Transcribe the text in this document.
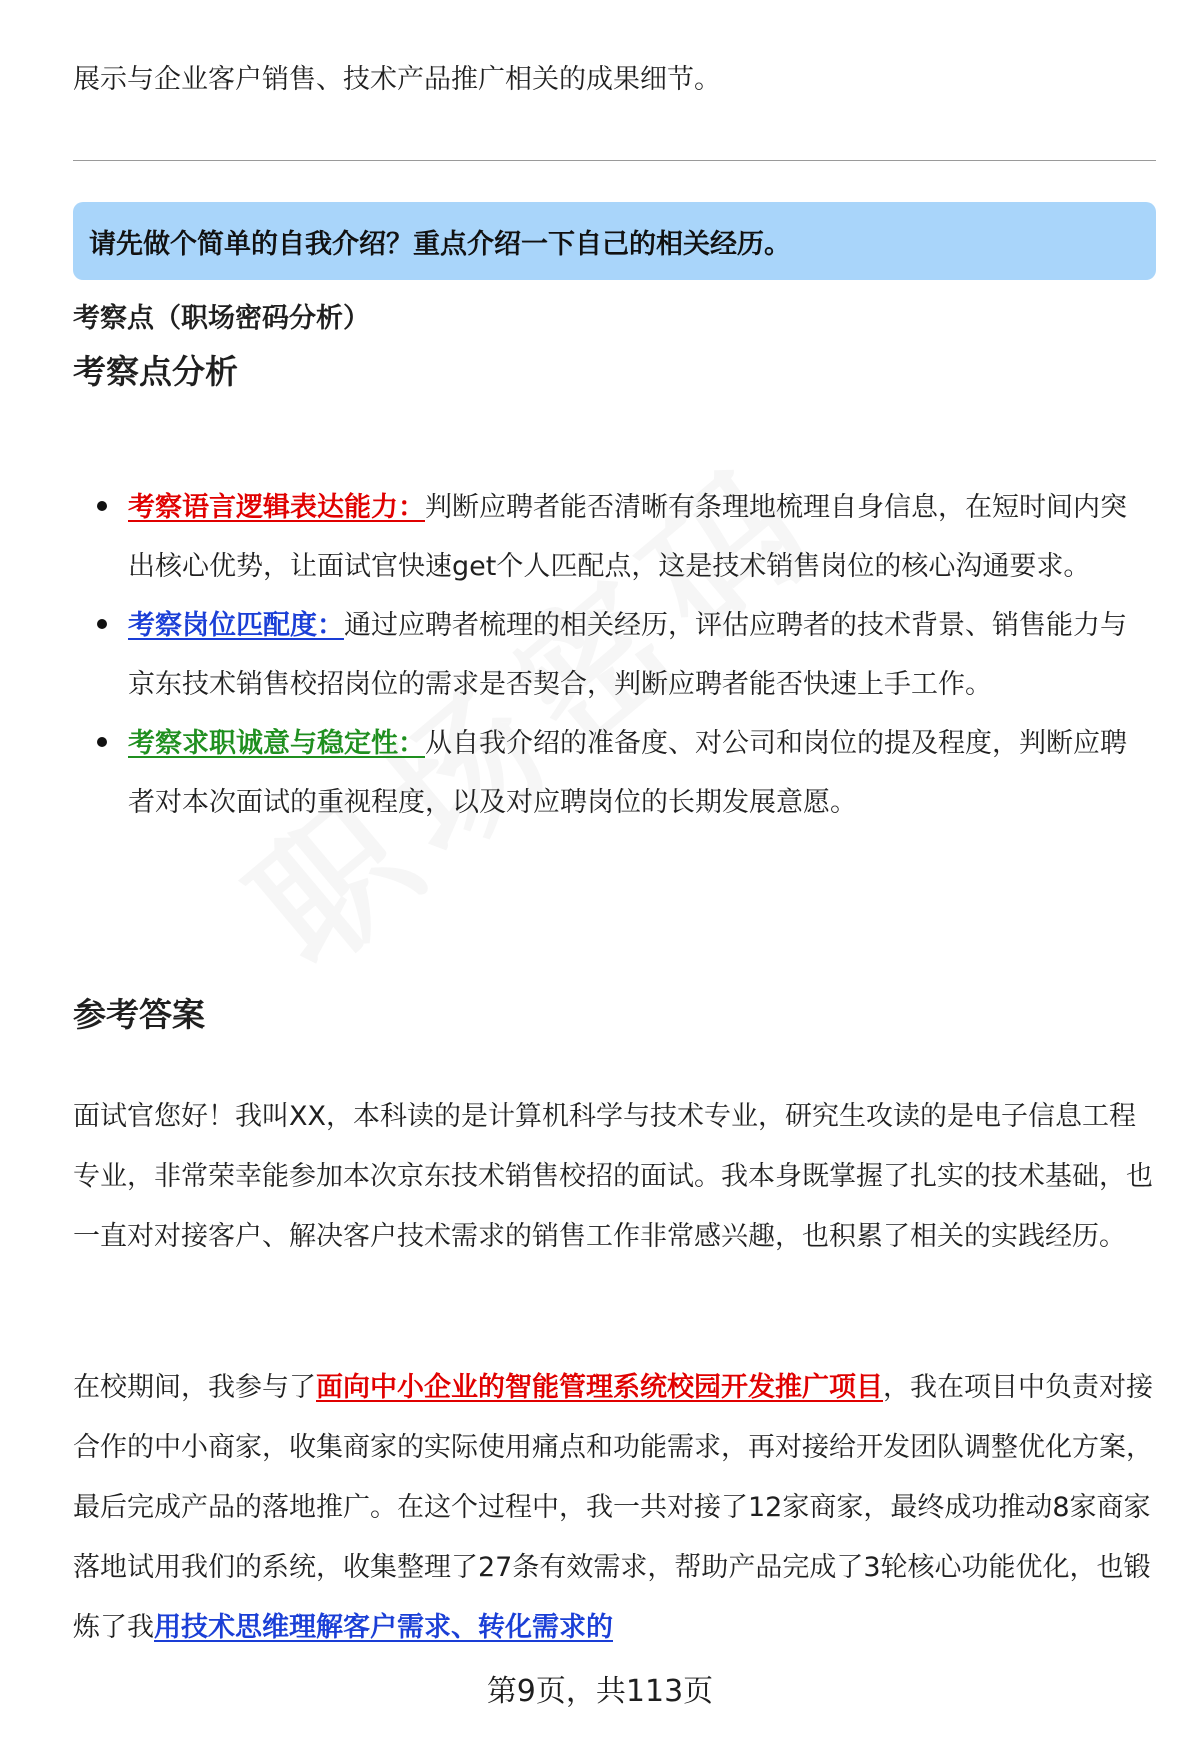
展示与企业客户销售、技术产品推广相关的成果细节。
请先做个简单的自我介绍？重点介绍一下自己的相关经历。
考察点（职场密码分析）
考察点分析
考察语言逻辑表达能力：判断应聘者能否清晰有条理地梳理自身信息，在短时间内突出核心优势，让面试官快速get个人匹配点，这是技术销售岗位的核心沟通要求。
考察岗位匹配度：通过应聘者梳理的相关经历，评估应聘者的技术背景、销售能力与京东技术销售校招岗位的需求是否契合，判断应聘者能否快速上手工作。
考察求职诚意与稳定性：从自我介绍的准备度、对公司和岗位的提及程度，判断应聘者对本次面试的重视程度，以及对应聘岗位的长期发展意愿。
参考答案
面试官您好！我叫XX，本科读的是计算机科学与技术专业，研究生攻读的是电子信息工程专业，非常荣幸能参加本次京东技术销售校招的面试。我本身既掌握了扎实的技术基础，也一直对对接客户、解决客户技术需求的销售工作非常感兴趣，也积累了相关的实践经历。
在校期间，我参与了面向中小企业的智能管理系统校园开发推广项目，我在项目中负责对接合作的中小商家，收集商家的实际使用痛点和功能需求，再对接给开发团队调整优化方案，最后完成产品的落地推广。在这个过程中，我一共对接了12家商家，最终成功推动8家商家落地试用我们的系统，收集整理了27条有效需求，帮助产品完成了3轮核心功能优化，也锻炼了我用技术思维理解客户需求、转化需求的
第9页，共113页
